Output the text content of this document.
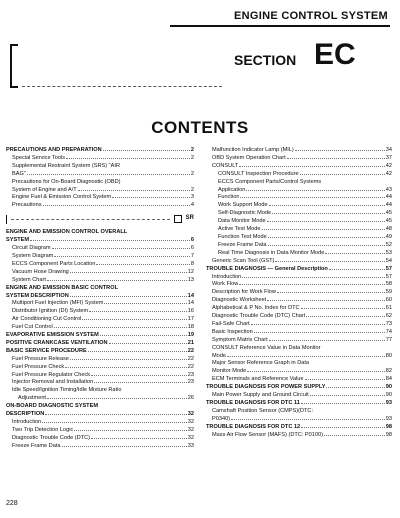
ENGINE CONTROL SYSTEM
SECTION EC
CONTENTS
PRECAUTIONS AND PREPARATION	2
Special Service Tools	2
Supplemental Restraint System (SRS) "AIR
BAG"	2
Precautions for On-Board Diagnostic (OBD)
System of Engine and A/T	2
Engine Fuel & Emission Control System	3
Precautions	4
SR
ENGINE AND EMISSION CONTROL OVERALL
SYSTEM	6
Circuit Diagram	6
System Diagram	7
ECCS Component Parts Location	8
Vacuum Hose Drawing	12
System Chart	13
ENGINE AND EMISSION BASIC CONTROL
SYSTEM DESCRIPTION	14
Multiport Fuel Injection (MFI) System	14
Distributor Ignition (DI) System	16
Air Conditioning Cut Control	17
Fuel Cut Control	18
EVAPORATIVE EMISSION SYSTEM	19
POSITIVE CRANKCASE VENTILATION	21
BASIC SERVICE PROCEDURE	22
Fuel Pressure Release	22
Fuel Pressure Check	22
Fuel Pressure Regulator Check	23
Injector Removal and Installation	23
Idle Speed/Ignition Timing/Idle Mixture Ratio
Adjustment	26
ON-BOARD DIAGNOSTIC SYSTEM
DESCRIPTION	32
Introduction	32
Two Trip Detection Logic	32
Diagnostic Trouble Code (DTC)	32
Freeze Frame Data	33
Malfunction Indicator Lamp (MIL)	34
OBD System Operation Chart	37
CONSULT	42
CONSULT Inspection Procedure	42
ECCS Component Parts/Control Systems
Application	43
Function	44
Work Support Mode	44
Self-Diagnostic Mode	45
Data Monitor Mode	45
Active Test Mode	48
Function Test Mode	49
Freeze Frame Data	52
Real Time Diagnosis in Data Monitor Mode	53
Generic Scan Tool (GST)	54
TROUBLE DIAGNOSIS — General Description	57
Introduction	57
Work Flow	58
Description for Work Flow	59
Diagnostic Worksheet	60
Alphabetical & P No. Index for DTC	61
Diagnostic Trouble Code (DTC) Chart	62
Fail-Safe Chart	73
Basic Inspection	74
Symptom Matrix Chart	77
CONSULT Reference Value in Data Monitor
Mode	80
Major Sensor Reference Graph in Data
Monitor Mode	82
ECM Terminals and Reference Value	84
TROUBLE DIAGNOSIS FOR POWER SUPPLY	90
Main Power Supply and Ground Circuit	90
TROUBLE DIAGNOSIS FOR DTC 11	93
Camshaft Position Sensor (CMPS)(DTC:
P0340)	93
TROUBLE DIAGNOSIS FOR DTC 12	98
Mass Air Flow Sensor (MAFS) (DTC: P0100)	98
228
